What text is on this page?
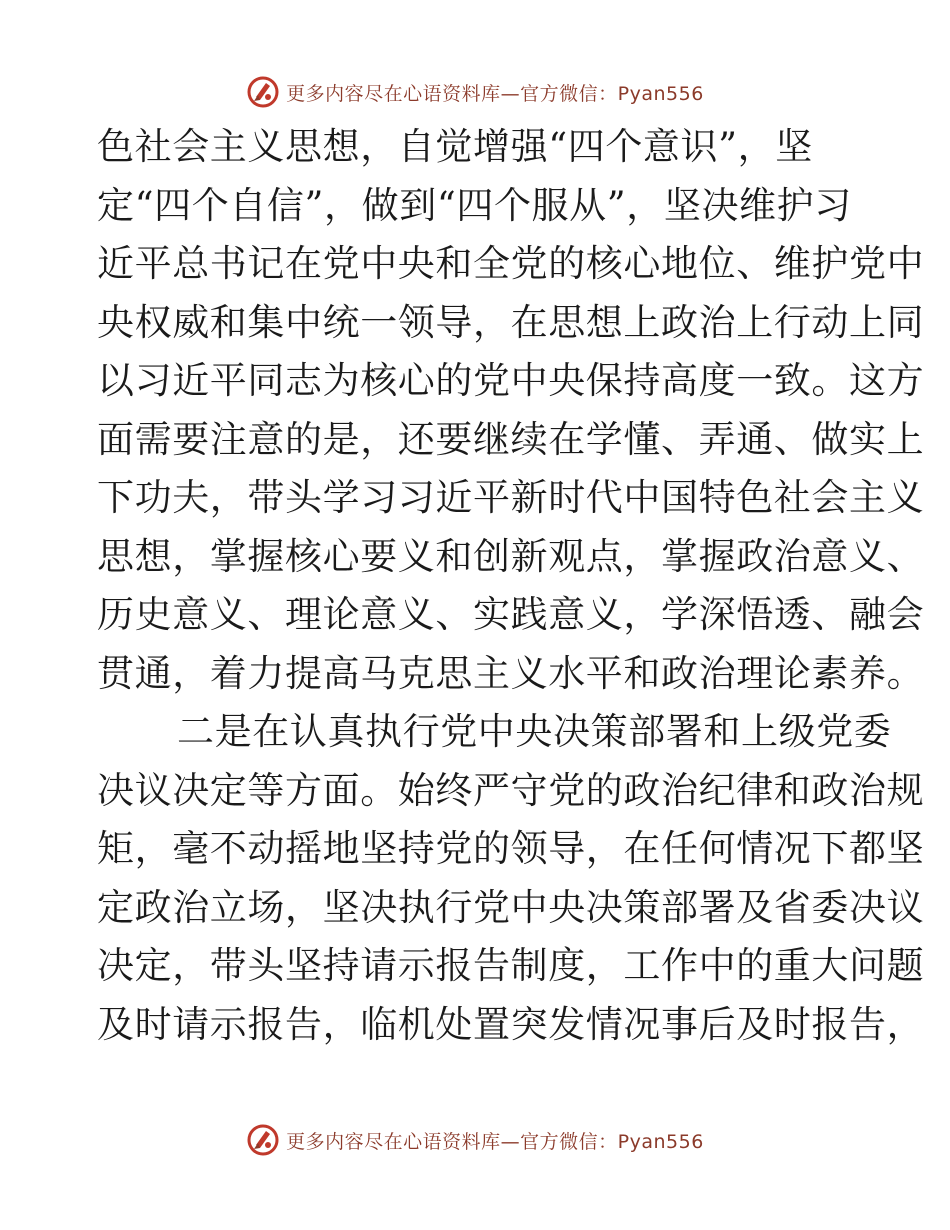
更多内容尽在心语资料库—官方微信：Pyan556
色社会主义思想，自觉增强“四个意识”，坚
定“四个自信”，做到“四个服从”，坚决维护习
近平总书记在党中央和全党的核心地位、维护党中
央权威和集中统一领导，在思想上政治上行动上同
以习近平同志为核心的党中央保持高度一致。这方
面需要注意的是，还要继续在学懂、弄通、做实上
下功夫，带头学习习近平新时代中国特色社会主义
思想，掌握核心要义和创新观点，掌握政治意义、
历史意义、理论意义、实践意义，学深悟透、融会
贯通，着力提高马克思主义水平和政治理论素养。
二是在认真执行党中央决策部署和上级党委
决议决定等方面。始终严守党的政治纪律和政治规
矩，毫不动摇地坚持党的领导，在任何情况下都坚
定政治立场，坚决执行党中央决策部署及省委决议
决定，带头坚持请示报告制度，工作中的重大问题
及时请示报告，临机处置突发情况事后及时报告，
更多内容尽在心语资料库—官方微信：Pyan556
